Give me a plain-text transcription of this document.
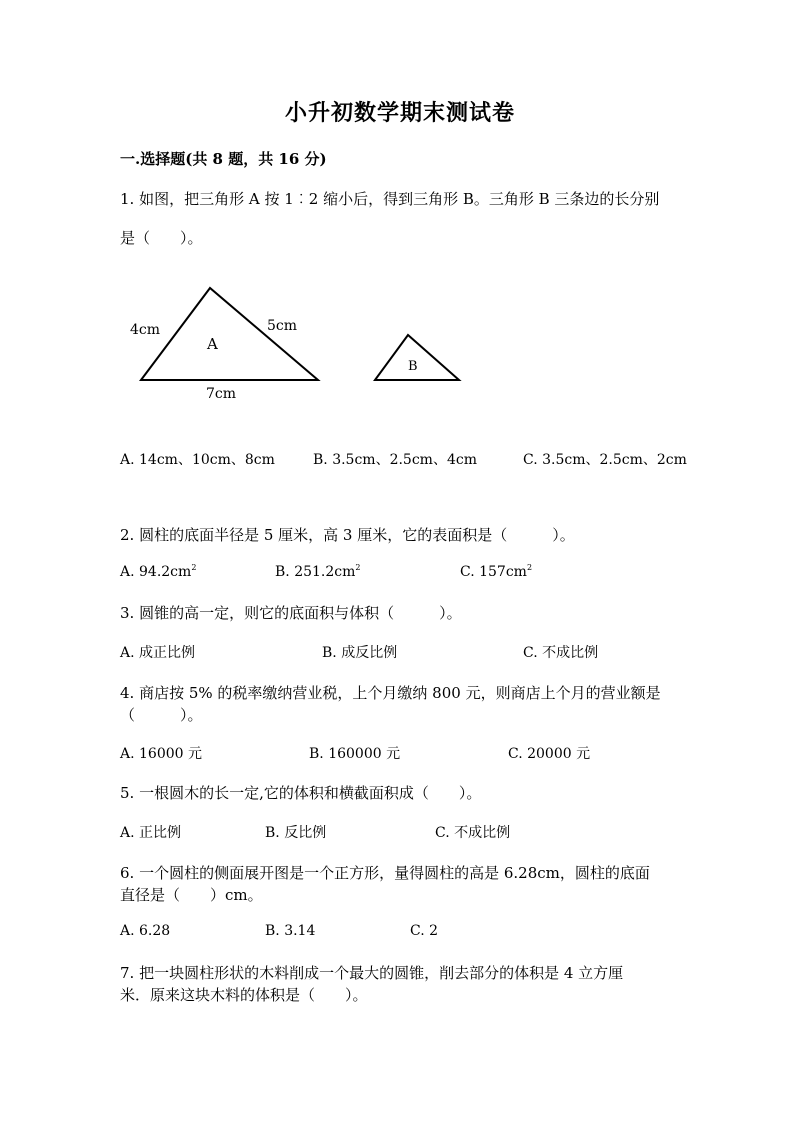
小升初数学期末测试卷
一.选择题(共 8 题，共 16 分)
1. 如图，把三角形 A 按 1︰2 缩小后，得到三角形 B。三角形 B 三条边的长分别
是（　　）。
A
4cm	5cm
7cm
B
A. 14cm、10cm、8cm	B. 3.5cm、2.5cm、4cm	C. 3.5cm、2.5cm、2cm
2. 圆柱的底面半径是 5 厘米，高 3 厘米，它的表面积是（　　　）。
A. $94.2cm^2$	B. $251.2cm^2$	C. $157cm^2$
3. 圆锥的高一定，则它的底面积与体积（　　　）。
A. 成正比例	B. 成反比例	C. 不成比例
4. 商店按 5% 的税率缴纳营业税，上个月缴纳 800 元，则商店上个月的营业额是
（　　　）。
A. 16000 元	B. 160000 元	C. 20000 元
5. 一根圆木的长一定,它的体积和横截面积成（　　）。
A. 正比例	B. 反比例	C. 不成比例
6. 一个圆柱的侧面展开图是一个正方形，量得圆柱的高是 6.28cm，圆柱的底面
直径是（　　）cm。
A. 6.28	B. 3.14	C. 2
7. 把一块圆柱形状的木料削成一个最大的圆锥，削去部分的体积是 4 立方厘
米．原来这块木料的体积是（　　）。
